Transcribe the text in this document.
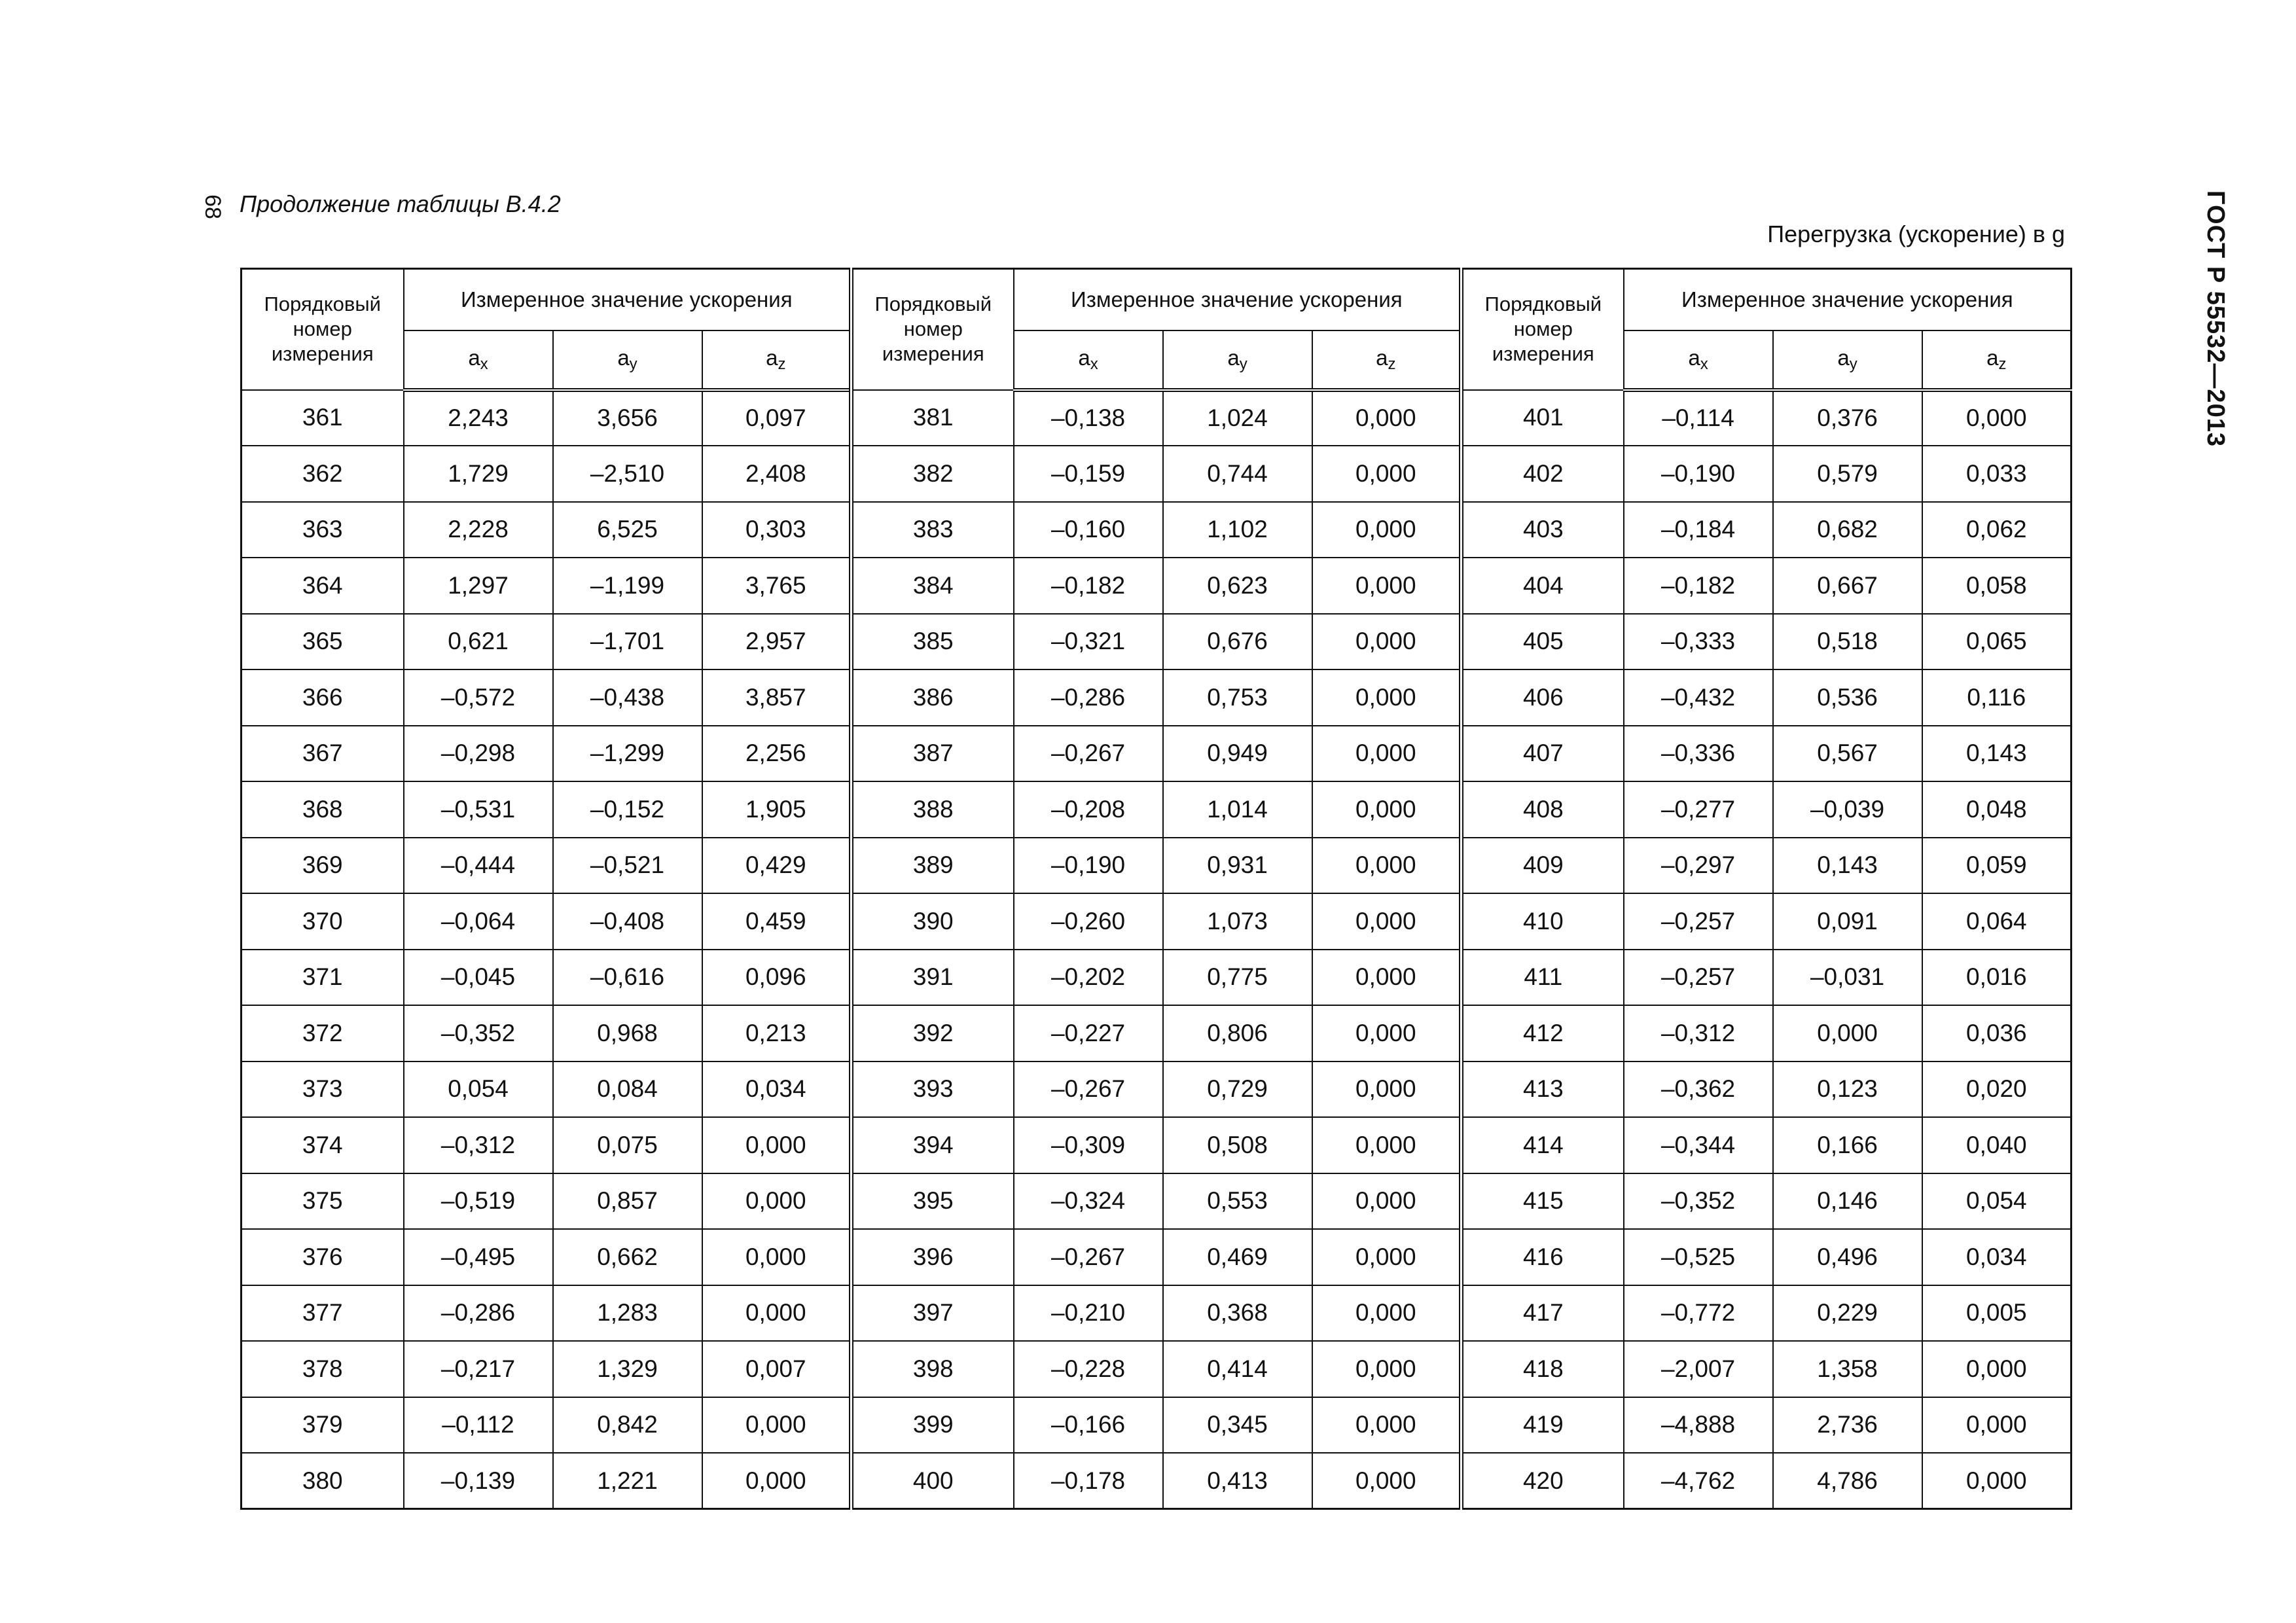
68 Продолжение таблицы В.4.2	ГОСТ Р 55532—2013
Перегрузка (ускорение) в g
Порядковый номер измерения	Измеренное значение ускорения			Порядковый номер измерения	Измеренное значение ускорения			Порядковый номер измерения	Измеренное значение ускорения		
	$a_x$	$a_y$	$a_z$		$a_x$	$a_y$	$a_z$		$a_x$	$a_y$	$a_z$
361	2,243	3,656	0,097	381	–0,138	1,024	0,000	401	–0,114	0,376	0,000
362	1,729	–2,510	2,408	382	–0,159	0,744	0,000	402	–0,190	0,579	0,033
363	2,228	6,525	0,303	383	–0,160	1,102	0,000	403	–0,184	0,682	0,062
364	1,297	–1,199	3,765	384	–0,182	0,623	0,000	404	–0,182	0,667	0,058
365	0,621	–1,701	2,957	385	–0,321	0,676	0,000	405	–0,333	0,518	0,065
366	–0,572	–0,438	3,857	386	–0,286	0,753	0,000	406	–0,432	0,536	0,116
367	–0,298	–1,299	2,256	387	–0,267	0,949	0,000	407	–0,336	0,567	0,143
368	–0,531	–0,152	1,905	388	–0,208	1,014	0,000	408	–0,277	–0,039	0,048
369	–0,444	–0,521	0,429	389	–0,190	0,931	0,000	409	–0,297	0,143	0,059
370	–0,064	–0,408	0,459	390	–0,260	1,073	0,000	410	–0,257	0,091	0,064
371	–0,045	–0,616	0,096	391	–0,202	0,775	0,000	411	–0,257	–0,031	0,016
372	–0,352	0,968	0,213	392	–0,227	0,806	0,000	412	–0,312	0,000	0,036
373	0,054	0,084	0,034	393	–0,267	0,729	0,000	413	–0,362	0,123	0,020
374	–0,312	0,075	0,000	394	–0,309	0,508	0,000	414	–0,344	0,166	0,040
375	–0,519	0,857	0,000	395	–0,324	0,553	0,000	415	–0,352	0,146	0,054
376	–0,495	0,662	0,000	396	–0,267	0,469	0,000	416	–0,525	0,496	0,034
377	–0,286	1,283	0,000	397	–0,210	0,368	0,000	417	–0,772	0,229	0,005
378	–0,217	1,329	0,007	398	–0,228	0,414	0,000	418	–2,007	1,358	0,000
379	–0,112	0,842	0,000	399	–0,166	0,345	0,000	419	–4,888	2,736	0,000
380	–0,139	1,221	0,000	400	–0,178	0,413	0,000	420	–4,762	4,786	0,000
